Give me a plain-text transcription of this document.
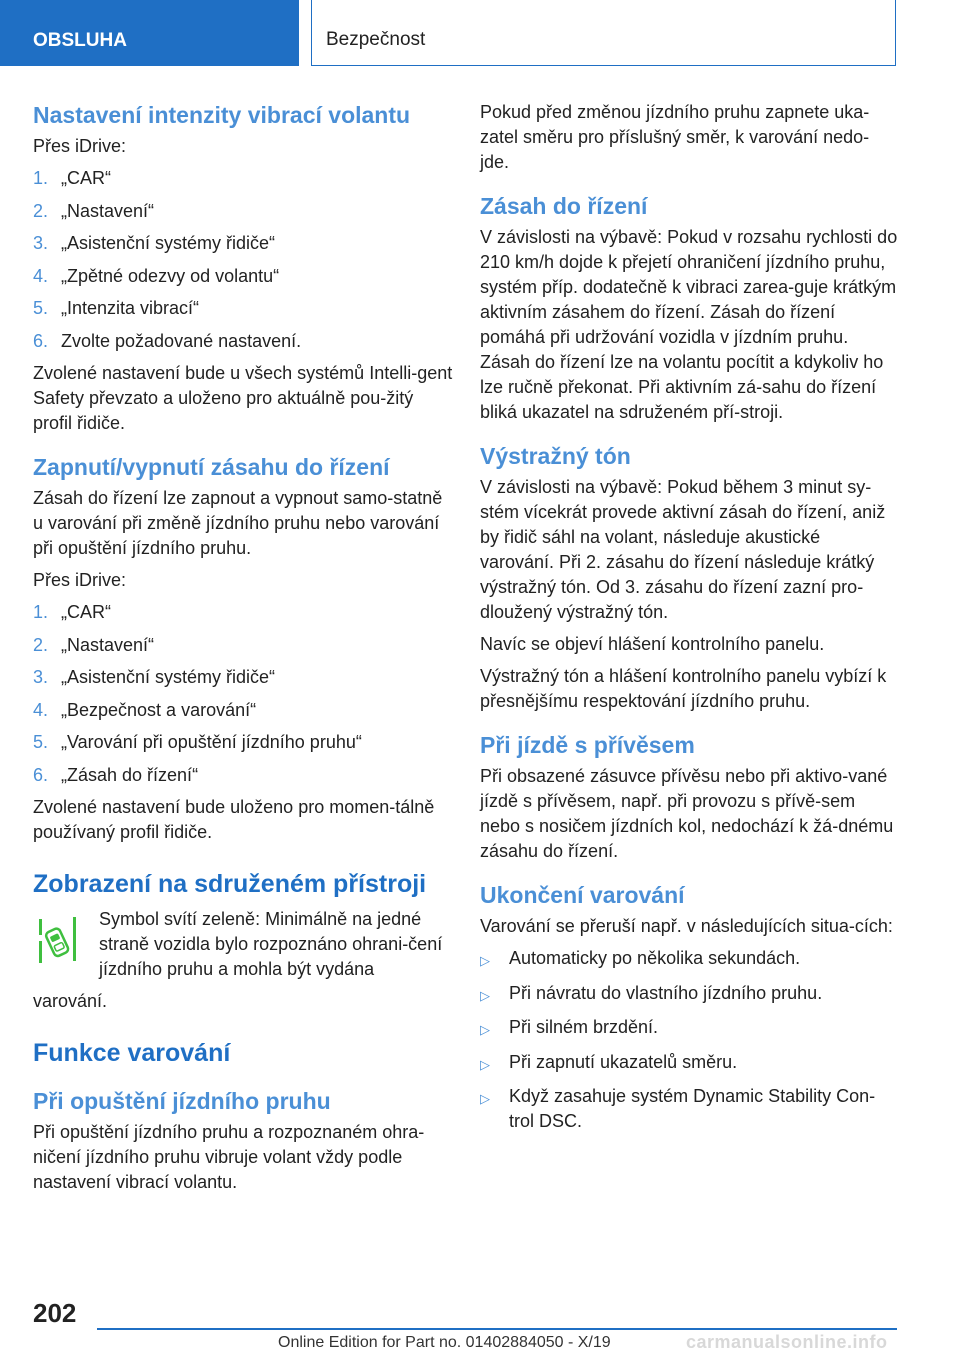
OBSLUHA	Bezpečnost
Nastavení intenzity vibrací volantu

Přes iDrive:

1. „CAR“
2. „Nastavení“
3. „Asistenční systémy řidiče“
4. „Zpětné odezvy od volantu“
5. „Intenzita vibrací“
6. Zvolte požadované nastavení.

Zvolené nastavení bude u všech systémů Intelli‐gent Safety převzato a uloženo pro aktuálně pou‐žitý profil řidiče.

Zapnutí/vypnutí zásahu do řízení

Zásah do řízení lze zapnout a vypnout samo‐statně u varování při změně jízdního pruhu nebo varování při opuštění jízdního pruhu.

Přes iDrive:

1. „CAR“
2. „Nastavení“
3. „Asistenční systémy řidiče“
4. „Bezpečnost a varování“
5. „Varování při opuštění jízdního pruhu“
6. „Zásah do řízení“

Zvolené nastavení bude uloženo pro momen‐tálně používaný profil řidiče.

Zobrazení na sdruženém přístroji

Symbol svítí zeleně: Minimálně na jedné straně vozidla bylo rozpoznáno ohrani‐čení jízdního pruhu a mohla být vydána

varování.

Funkce varování
Při opuštění jízdního pruhu

Při opuštění jízdního pruhu a rozpoznaném ohra‐ničení jízdního pruhu vibruje volant vždy podle nastavení vibrací volantu.

Pokud před změnou jízdního pruhu zapnete uka‐zatel směru pro příslušný směr, k varování nedo‐jde.

Zásah do řízení

V závislosti na výbavě: Pokud v rozsahu rychlosti do 210 km/h dojde k přejetí ohraničení jízdního pruhu, systém příp. dodatečně k vibraci zarea‐guje krátkým aktivním zásahem do řízení. Zásah do řízení pomáhá při udržování vozidla v jízdním pruhu. Zásah do řízení lze na volantu pocítit a kdykoliv ho lze ručně překonat. Při aktivním zá‐sahu do řízení bliká ukazatel na sdruženém pří‐stroji.

Výstražný tón

V závislosti na výbavě: Pokud během 3 minut sy‐stém vícekrát provede aktivní zásah do řízení, aniž by řidič sáhl na volant, následuje akustické varování. Při 2. zásahu do řízení následuje krátký výstražný tón. Od 3. zásahu do řízení zazní pro‐dloužený výstražný tón.

Navíc se objeví hlášení kontrolního panelu.

Výstražný tón a hlášení kontrolního panelu vybízí k přesnějšímu respektování jízdního pruhu.

Při jízdě s přívěsem

Při obsazené zásuvce přívěsu nebo při aktivo‐vané jízdě s přívěsem, např. při provozu s přívě‐sem nebo s nosičem jízdních kol, nedochází k žá‐dnému zásahu do řízení.

Ukončení varování

Varování se přeruší např. v následujících situa‐cích:

▷	Automaticky po několika sekundách.
▷	Při návratu do vlastního jízdního pruhu.
▷	Při silném brzdění.
▷	Při zapnutí ukazatelů směru.
▷	Když zasahuje systém Dynamic Stability Con‐trol DSC.
202
Online Edition for Part no. 01402884050 - X/19	carmanualsonline.info
